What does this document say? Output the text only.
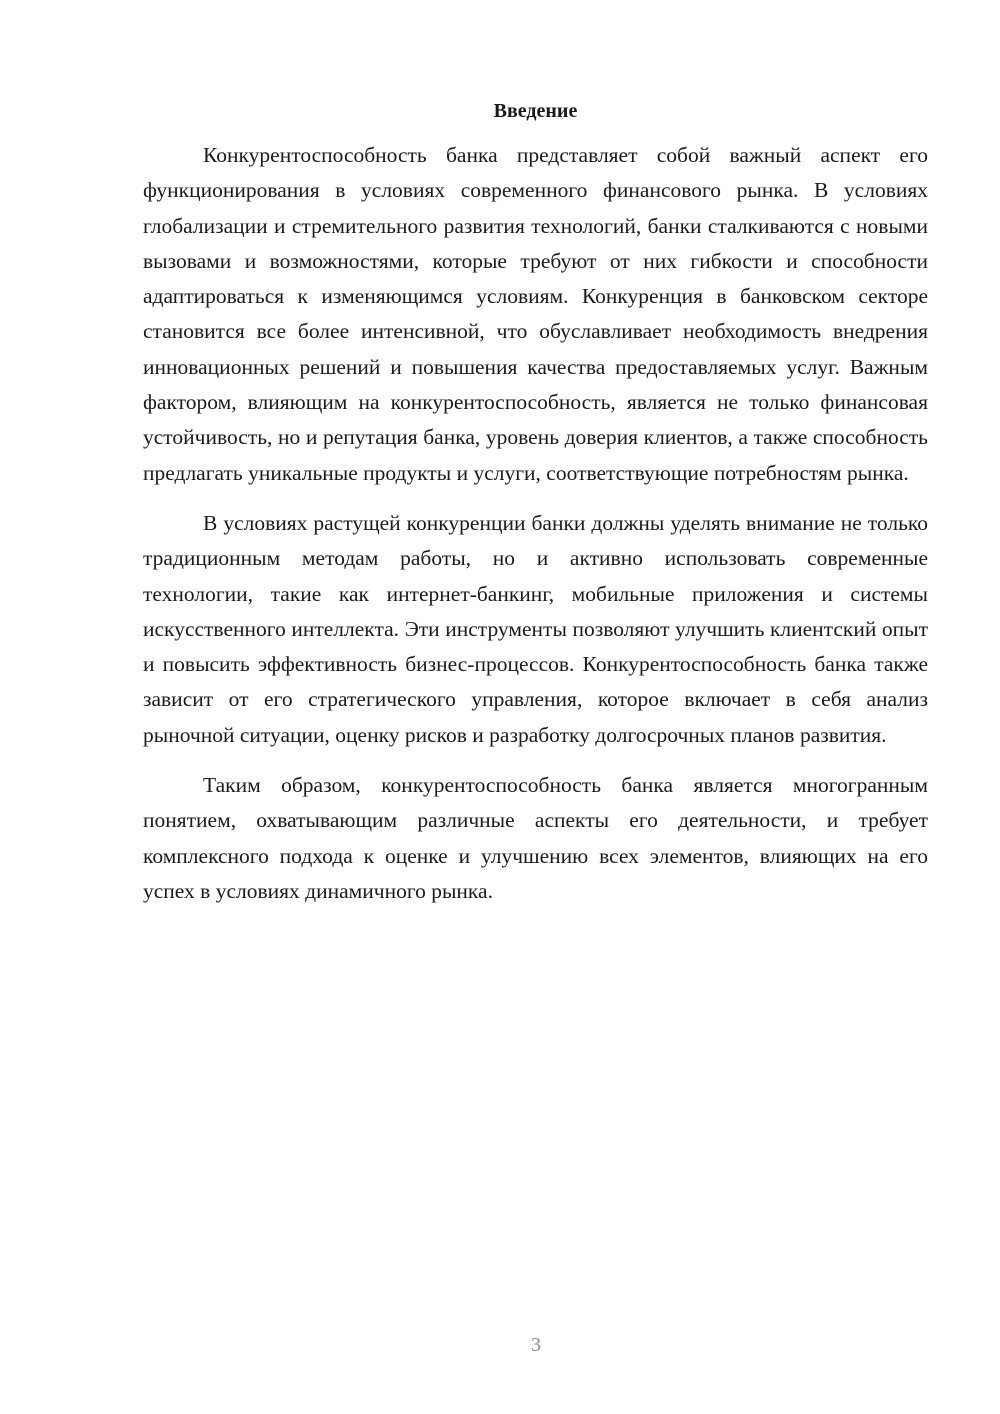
Введение

Конкурентоспособность банка представляет собой важный аспект его функционирования в условиях современного финансового рынка. В условиях глобализации и стремительного развития технологий, банки сталкиваются с новыми вызовами и возможностями, которые требуют от них гибкости и способности адаптироваться к изменяющимся условиям. Конкуренция в банковском секторе становится все более интенсивной, что обуславливает необходимость внедрения инновационных решений и повышения качества предоставляемых услуг. Важным фактором, влияющим на конкурентоспособность, является не только финансовая устойчивость, но и репутация банка, уровень доверия клиентов, а также способность предлагать уникальные продукты и услуги, соответствующие потребностям рынка.

В условиях растущей конкуренции банки должны уделять внимание не только традиционным методам работы, но и активно использовать современные технологии, такие как интернет-банкинг, мобильные приложения и системы искусственного интеллекта. Эти инструменты позволяют улучшить клиентский опыт и повысить эффективность бизнес-процессов. Конкурентоспособность банка также зависит от его стратегического управления, которое включает в себя анализ рыночной ситуации, оценку рисков и разработку долгосрочных планов развития.

Таким образом, конкурентоспособность банка является многогранным понятием, охватывающим различные аспекты его деятельности, и требует комплексного подхода к оценке и улучшению всех элементов, влияющих на его успех в условиях динамичного рынка.

3
